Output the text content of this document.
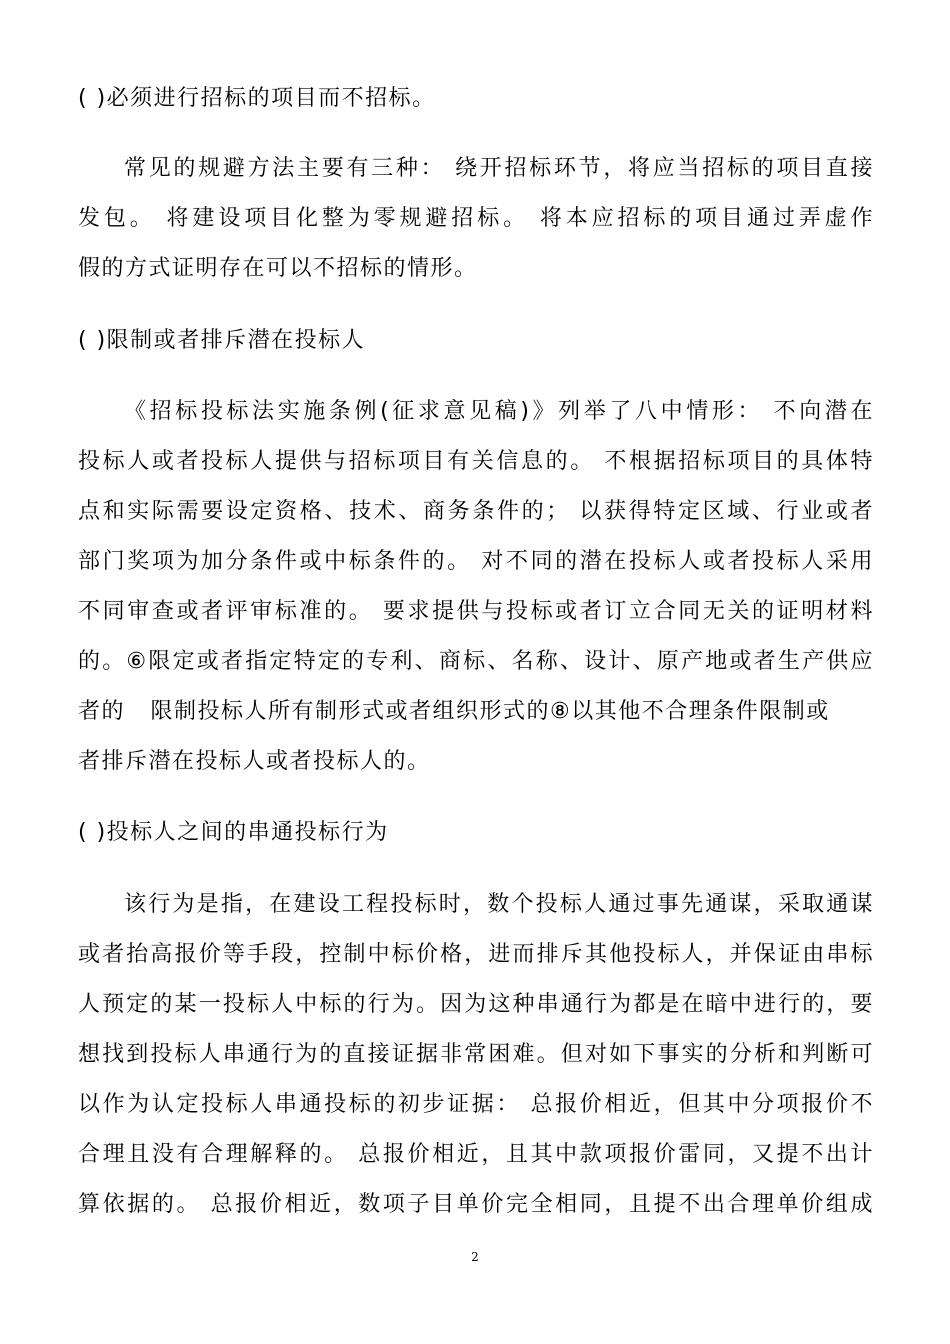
( )必须进行招标的项目而不招标。
常见的规避方法主要有三种： 绕开招标环节，将应当招标的项目直接
发包。 将建设项目化整为零规避招标。 将本应招标的项目通过弄虚作
假的方式证明存在可以不招标的情形。
( )限制或者排斥潜在投标人
《招标投标法实施条例(征求意见稿)》列举了八中情形： 不向潜在
投标人或者投标人提供与招标项目有关信息的。 不根据招标项目的具体特
点和实际需要设定资格、技术、商务条件的； 以获得特定区域、行业或者
部门奖项为加分条件或中标条件的。 对不同的潜在投标人或者投标人采用
不同审查或者评审标准的。 要求提供与投标或者订立合同无关的证明材料
的。⑥限定或者指定特定的专利、商标、名称、设计、原产地或者生产供应
者的   限制投标人所有制形式或者组织形式的⑧以其他不合理条件限制或
者排斥潜在投标人或者投标人的。
( )投标人之间的串通投标行为
该行为是指，在建设工程投标时，数个投标人通过事先通谋，采取通谋
或者抬高报价等手段，控制中标价格，进而排斥其他投标人，并保证由串标
人预定的某一投标人中标的行为。因为这种串通行为都是在暗中进行的，要
想找到投标人串通行为的直接证据非常困难。但对如下事实的分析和判断可
以作为认定投标人串通投标的初步证据： 总报价相近，但其中分项报价不
合理且没有合理解释的。 总报价相近，且其中款项报价雷同，又提不出计
算依据的。 总报价相近，数项子目单价完全相同，且提不出合理单价组成
2
